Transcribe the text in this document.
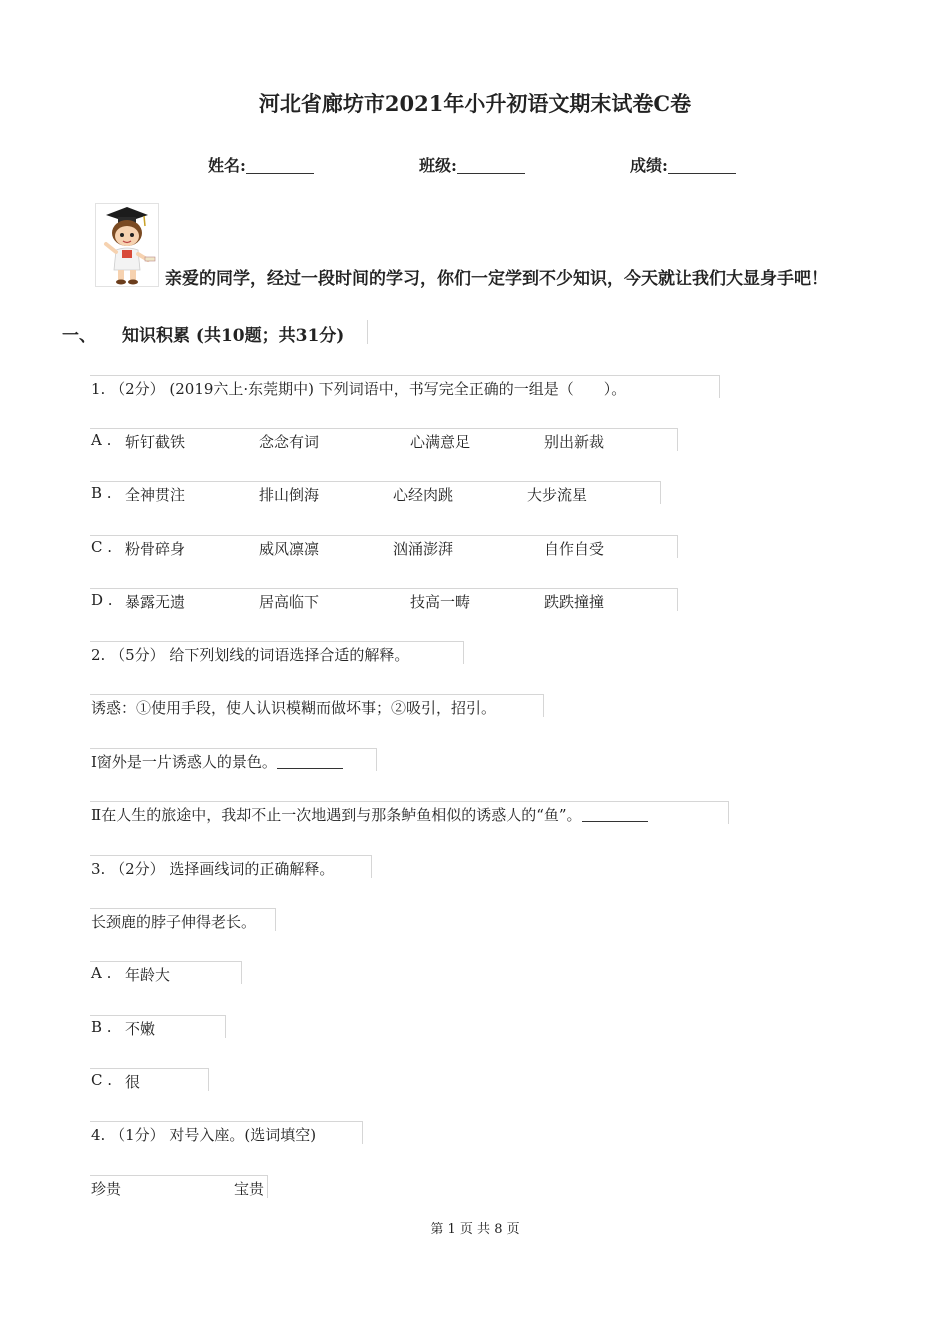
河北省廊坊市2021年小升初语文期末试卷C卷
姓名:	班级:	成绩:
亲爱的同学，经过一段时间的学习，你们一定学到不少知识，今天就让我们大显身手吧！
一、 知识积累 (共10题；共31分)
1. （2分） (2019六上·东莞期中) 下列词语中，书写完全正确的一组是（　　）。
A . 斩钉截铁	念念有词	心满意足	别出新裁
B . 全神贯注	排山倒海	心经肉跳	大步流星
C . 粉骨碎身	威风凛凛	汹涌澎湃	自作自受
D . 暴露无遗	居高临下	技高一畴	跌跌撞撞
2. （5分） 给下列划线的词语选择合适的解释。
诱惑：①使用手段，使人认识模糊而做坏事；②吸引，招引。
Ⅰ窗外是一片诱惑人的景色。
Ⅱ在人生的旅途中，我却不止一次地遇到与那条鲈鱼相似的诱惑人的“鱼”。
3. （2分） 选择画线词的正确解释。
长颈鹿的脖子伸得老长。
A . 年龄大
B . 不嫩
C . 很
4. （1分） 对号入座。(选词填空)
珍贵	宝贵
第 1 页 共 8 页
